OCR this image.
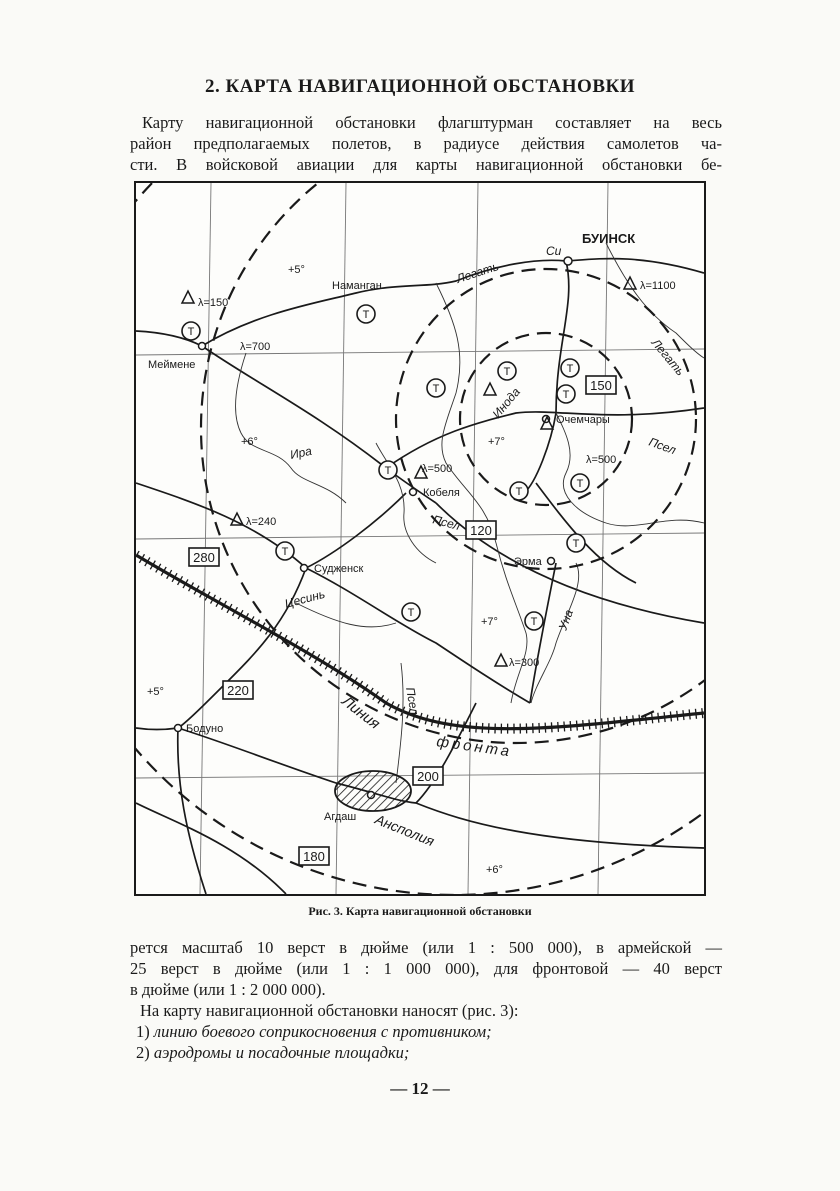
2. КАРТА НАВИГАЦИОННОЙ ОБСТАНОВКИ
Карту навигационной обстановки флагштурман составляет на весь
район предполагаемых полетов, в радиусе действия самолетов ча-
сти. В войсковой авиации для карты навигационной обстановки бе-
Т
Т
Т
Т	Т
Т
Т
Т
Т
Т
Т
Т
Т
150
120
280
220
200
180
БУИНСК
Наманган
Меймене
Очемчары
Кобеля
Судженск
Эрма
Бодуно
Агдаш
Легать
Си
Легать
Ира
Инода
Псел
Псел
Псел
Цесинь
Уна
Линия
фронта
Ансполия
+5°
+6°	+7°
+7°
+5°
+6°
λ=150
λ=700
λ=1100
λ=500
λ=500
λ=240
λ=300
Рис. 3. Карта навигационной обстановки
рется масштаб 10 верст в дюйме (или 1 : 500 000), в армейской —
25 верст в дюйме (или 1 : 1 000 000), для фронтовой — 40 верст
в дюйме (или 1 : 2 000 000).
На карту навигационной обстановки наносят (рис. 3):
1) линию боевого соприкосновения с противником;
2) аэродромы и посадочные площадки;
— 12 —
